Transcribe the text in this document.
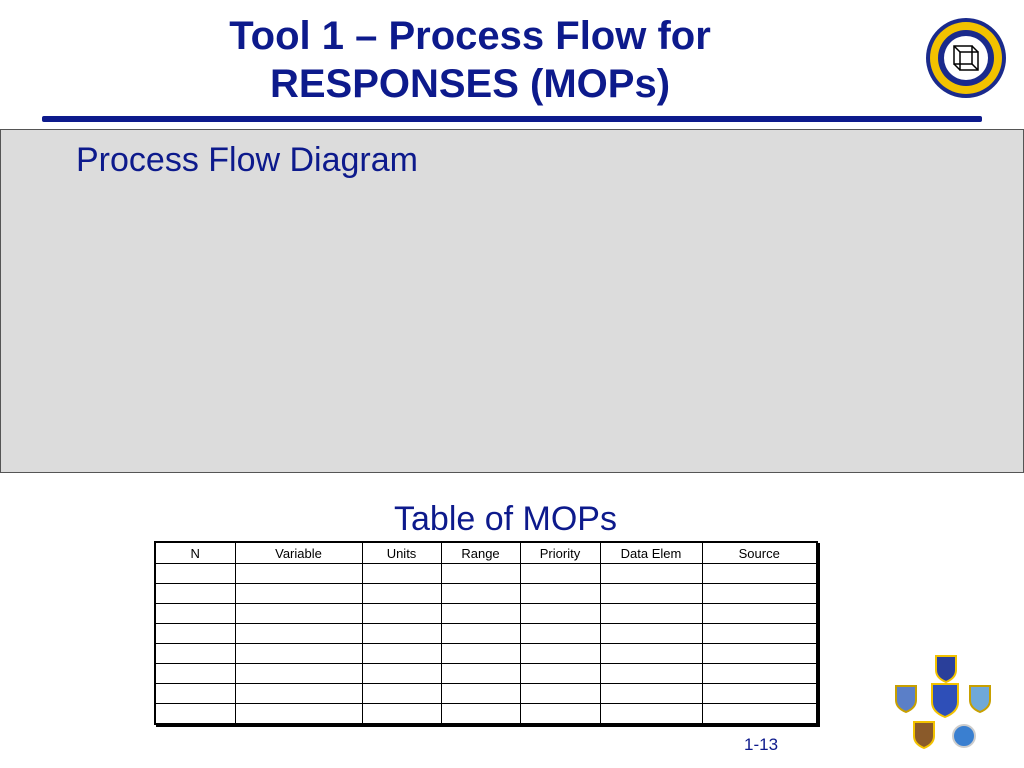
Tool 1 – Process Flow for
RESPONSES (MOPs)
Process Flow Diagram
Table of MOPs
N	Variable	Units	Range	Priority	Data Elem	Source

1-13
